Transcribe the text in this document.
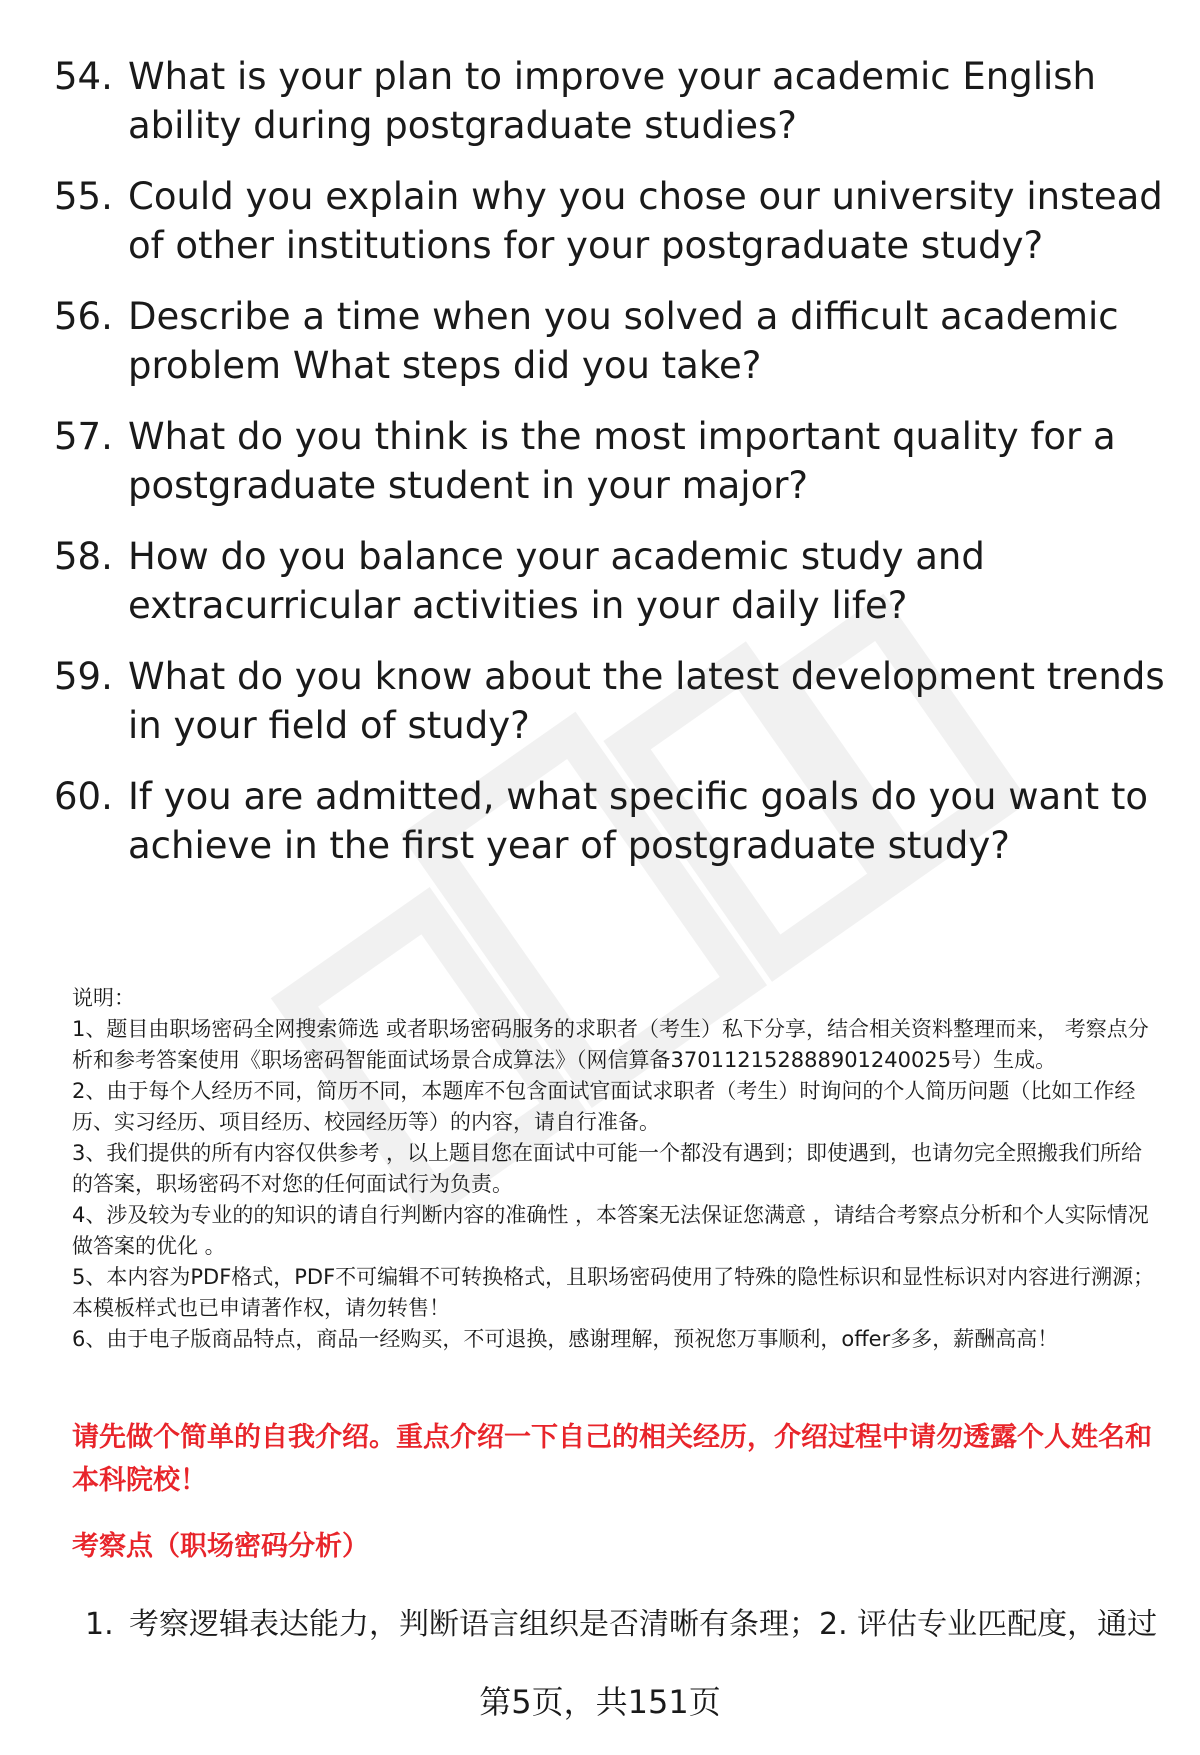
54. What is your plan to improve your academic English ability during postgraduate studies?
55. Could you explain why you chose our university instead of other institutions for your postgraduate study?
56. Describe a time when you solved a difficult academic problem What steps did you take?
57. What do you think is the most important quality for a postgraduate student in your major?
58. How do you balance your academic study and extracurricular activities in your daily life?
59. What do you know about the latest development trends in your field of study?
60. If you are admitted, what specific goals do you want to achieve in the first year of postgraduate study?
说明：
1、题目由职场密码全网搜索筛选 或者职场密码服务的求职者（考生）私下分享，结合相关资料整理而来， 考察点分析和参考答案使用《职场密码智能面试场景合成算法》（网信算备370112152888901240025号）生成。
2、由于每个人经历不同，简历不同，本题库不包含面试官面试求职者（考生）时询问的个人简历问题（比如工作经历、实习经历、项目经历、校园经历等）的内容，请自行准备。
3、我们提供的所有内容仅供参考 ，以上题目您在面试中可能一个都没有遇到；即使遇到，也请勿完全照搬我们所给的答案，职场密码不对您的任何面试行为负责。
4、涉及较为专业的的知识的请自行判断内容的准确性 ，本答案无法保证您满意 ，请结合考察点分析和个人实际情况做答案的优化 。
5、本内容为PDF格式，PDF不可编辑不可转换格式，且职场密码使用了特殊的隐性标识和显性标识对内容进行溯源；本模板样式也已申请著作权，请勿转售！
6、由于电子版商品特点，商品一经购买，不可退换，感谢理解，预祝您万事顺利，offer多多，薪酬高高！
请先做个简单的自我介绍。重点介绍一下自己的相关经历，介绍过程中请勿透露个人姓名和本科院校！
考察点（职场密码分析）
1. 考察逻辑表达能力，判断语言组织是否清晰有条理；2. 评估专业匹配度，通过
第5页，共151页
